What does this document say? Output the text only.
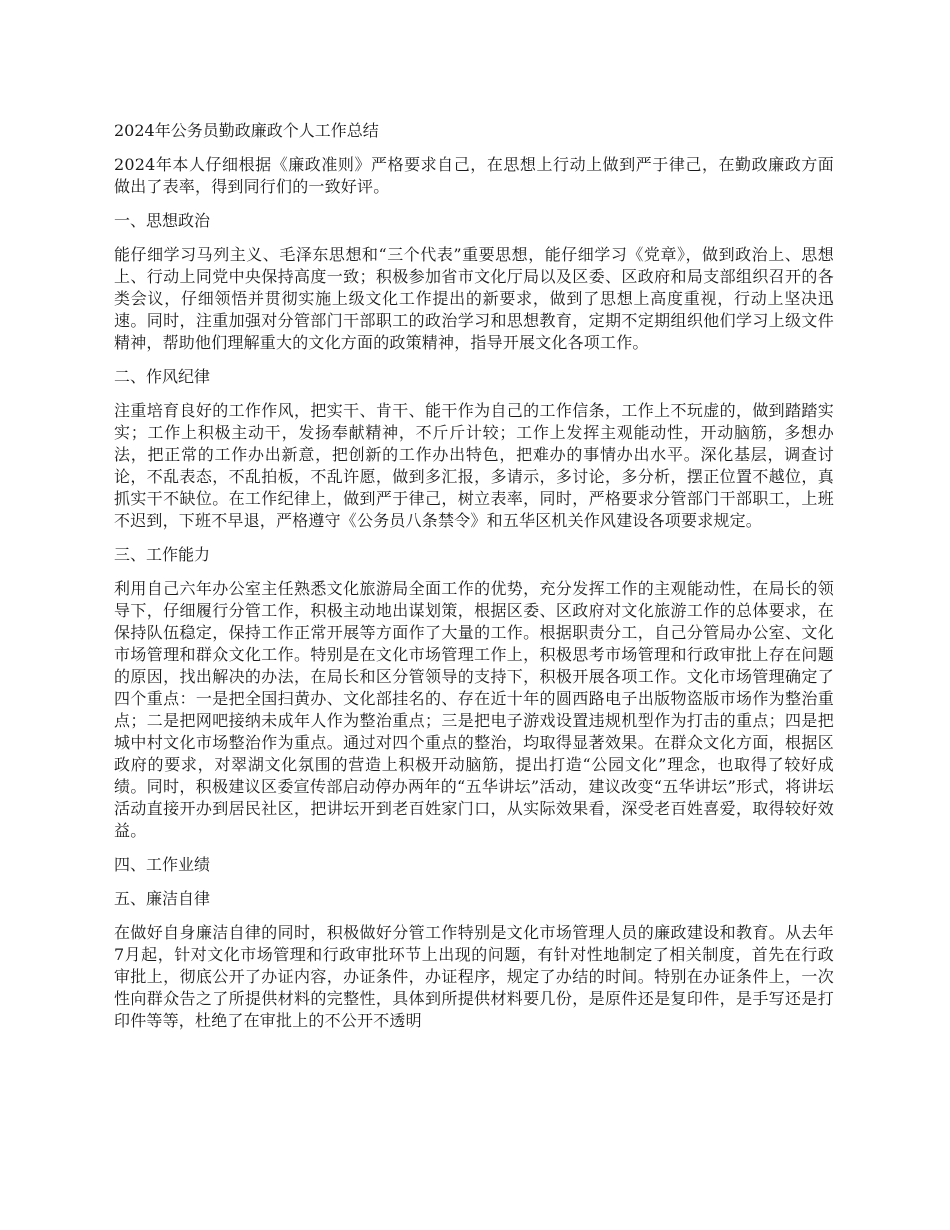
2024年公务员勤政廉政个人工作总结
2024年本人仔细根据《廉政准则》严格要求自己，在思想上行动上做到严于律己，在勤政廉政方面做出了表率，得到同行们的一致好评。
一、思想政治
能仔细学习马列主义、毛泽东思想和“三个代表”重要思想，能仔细学习《党章》，做到政治上、思想上、行动上同党中央保持高度一致；积极参加省市文化厅局以及区委、区政府和局支部组织召开的各类会议，仔细领悟并贯彻实施上级文化工作提出的新要求，做到了思想上高度重视，行动上坚决迅速。同时，注重加强对分管部门干部职工的政治学习和思想教育，定期不定期组织他们学习上级文件精神，帮助他们理解重大的文化方面的政策精神，指导开展文化各项工作。
二、作风纪律
注重培育良好的工作作风，把实干、肯干、能干作为自己的工作信条，工作上不玩虚的，做到踏踏实实；工作上积极主动干，发扬奉献精神，不斤斤计较；工作上发挥主观能动性，开动脑筋，多想办法，把正常的工作办出新意，把创新的工作办出特色，把难办的事情办出水平。深化基层，调查讨论，不乱表态，不乱拍板，不乱许愿，做到多汇报，多请示，多讨论，多分析，摆正位置不越位，真抓实干不缺位。在工作纪律上，做到严于律己，树立表率，同时，严格要求分管部门干部职工，上班不迟到，下班不早退，严格遵守《公务员八条禁令》和五华区机关作风建设各项要求规定。
三、工作能力
利用自己六年办公室主任熟悉文化旅游局全面工作的优势，充分发挥工作的主观能动性，在局长的领导下，仔细履行分管工作，积极主动地出谋划策，根据区委、区政府对文化旅游工作的总体要求，在保持队伍稳定，保持工作正常开展等方面作了大量的工作。根据职责分工，自己分管局办公室、文化市场管理和群众文化工作。特别是在文化市场管理工作上，积极思考市场管理和行政审批上存在问题的原因，找出解决的办法，在局长和区分管领导的支持下，积极开展各项工作。文化市场管理确定了四个重点：一是把全国扫黄办、文化部挂名的、存在近十年的圆西路电子出版物盗版市场作为整治重点；二是把网吧接纳未成年人作为整治重点；三是把电子游戏设置违规机型作为打击的重点；四是把城中村文化市场整治作为重点。通过对四个重点的整治，均取得显著效果。在群众文化方面，根据区政府的要求，对翠湖文化氛围的营造上积极开动脑筋，提出打造“公园文化”理念，也取得了较好成绩。同时，积极建议区委宣传部启动停办两年的“五华讲坛”活动，建议改变“五华讲坛”形式，将讲坛活动直接开办到居民社区，把讲坛开到老百姓家门口，从实际效果看，深受老百姓喜爱，取得较好效益。
四、工作业绩
五、廉洁自律
在做好自身廉洁自律的同时，积极做好分管工作特别是文化市场管理人员的廉政建设和教育。从去年7月起，针对文化市场管理和行政审批环节上出现的问题，有针对性地制定了相关制度，首先在行政审批上，彻底公开了办证内容，办证条件，办证程序，规定了办结的时间。特别在办证条件上，一次性向群众告之了所提供材料的完整性，具体到所提供材料要几份，是原件还是复印件，是手写还是打印件等等，杜绝了在审批上的不公开不透明
